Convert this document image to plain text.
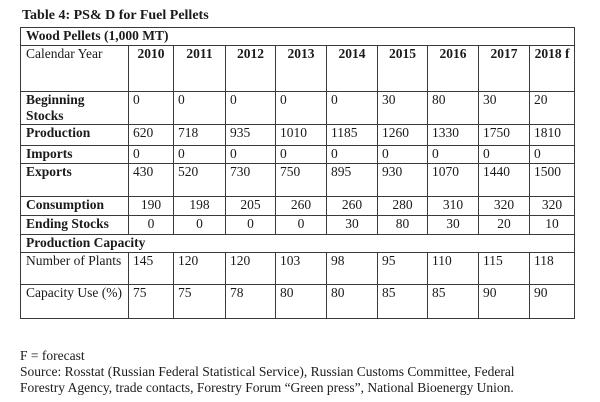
Table 4: PS& D for Fuel Pellets
Wood Pellets (1,000 MT)									
Calendar Year	2010	2011	2012	2013	2014	2015	2016	2017	2018 f
Beginning Stocks	0	0	0	0	0	30	80	30	20
Production	620	718	935	1010	1185	1260	1330	1750	1810
Imports	0	0	0	0	0	0	0	0	0
Exports	430	520	730	750	895	930	1070	1440	1500
Consumption	190	198	205	260	260	280	310	320	320
Ending Stocks	0	0	0	0	30	80	30	20	10
Production Capacity									
Number of Plants	145	120	120	103	98	95	110	115	118
Capacity Use (%)	75	75	78	80	80	85	85	90	90
F = forecast
Source: Rosstat (Russian Federal Statistical Service), Russian Customs Committee, Federal
Forestry Agency, trade contacts, Forestry Forum “Green press”, National Bioenergy Union.
